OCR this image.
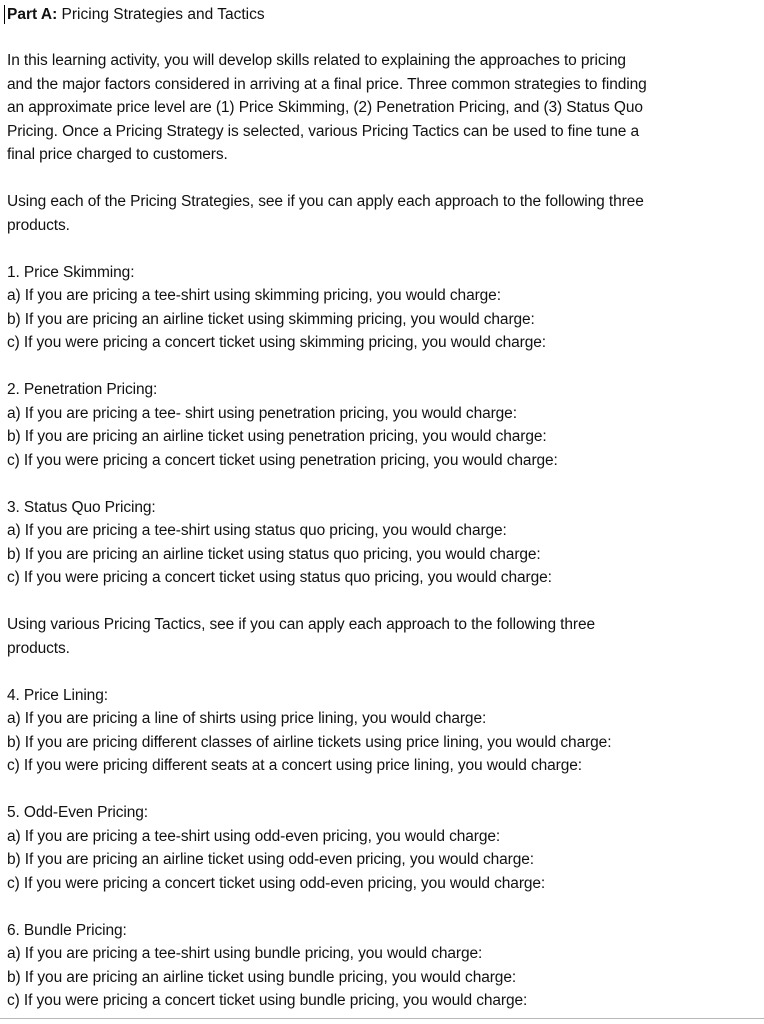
Part A: Pricing Strategies and Tactics
In this learning activity, you will develop skills related to explaining the approaches to pricing
and the major factors considered in arriving at a final price. Three common strategies to finding
an approximate price level are (1) Price Skimming, (2) Penetration Pricing, and (3) Status Quo
Pricing. Once a Pricing Strategy is selected, various Pricing Tactics can be used to fine tune a
final price charged to customers.
Using each of the Pricing Strategies, see if you can apply each approach to the following three
products.
1. Price Skimming:
a) If you are pricing a tee-shirt using skimming pricing, you would charge:
b) If you are pricing an airline ticket using skimming pricing, you would charge:
c) If you were pricing a concert ticket using skimming pricing, you would charge:
2. Penetration Pricing:
a) If you are pricing a tee- shirt using penetration pricing, you would charge:
b) If you are pricing an airline ticket using penetration pricing, you would charge:
c) If you were pricing a concert ticket using penetration pricing, you would charge:
3. Status Quo Pricing:
a) If you are pricing a tee-shirt using status quo pricing, you would charge:
b) If you are pricing an airline ticket using status quo pricing, you would charge:
c) If you were pricing a concert ticket using status quo pricing, you would charge:
Using various Pricing Tactics, see if you can apply each approach to the following three
products.
4. Price Lining:
a) If you are pricing a line of shirts using price lining, you would charge:
b) If you are pricing different classes of airline tickets using price lining, you would charge:
c) If you were pricing different seats at a concert using price lining, you would charge:
5. Odd-Even Pricing:
a) If you are pricing a tee-shirt using odd-even pricing, you would charge:
b) If you are pricing an airline ticket using odd-even pricing, you would charge:
c) If you were pricing a concert ticket using odd-even pricing, you would charge:
6. Bundle Pricing:
a) If you are pricing a tee-shirt using bundle pricing, you would charge:
b) If you are pricing an airline ticket using bundle pricing, you would charge:
c) If you were pricing a concert ticket using bundle pricing, you would charge:
